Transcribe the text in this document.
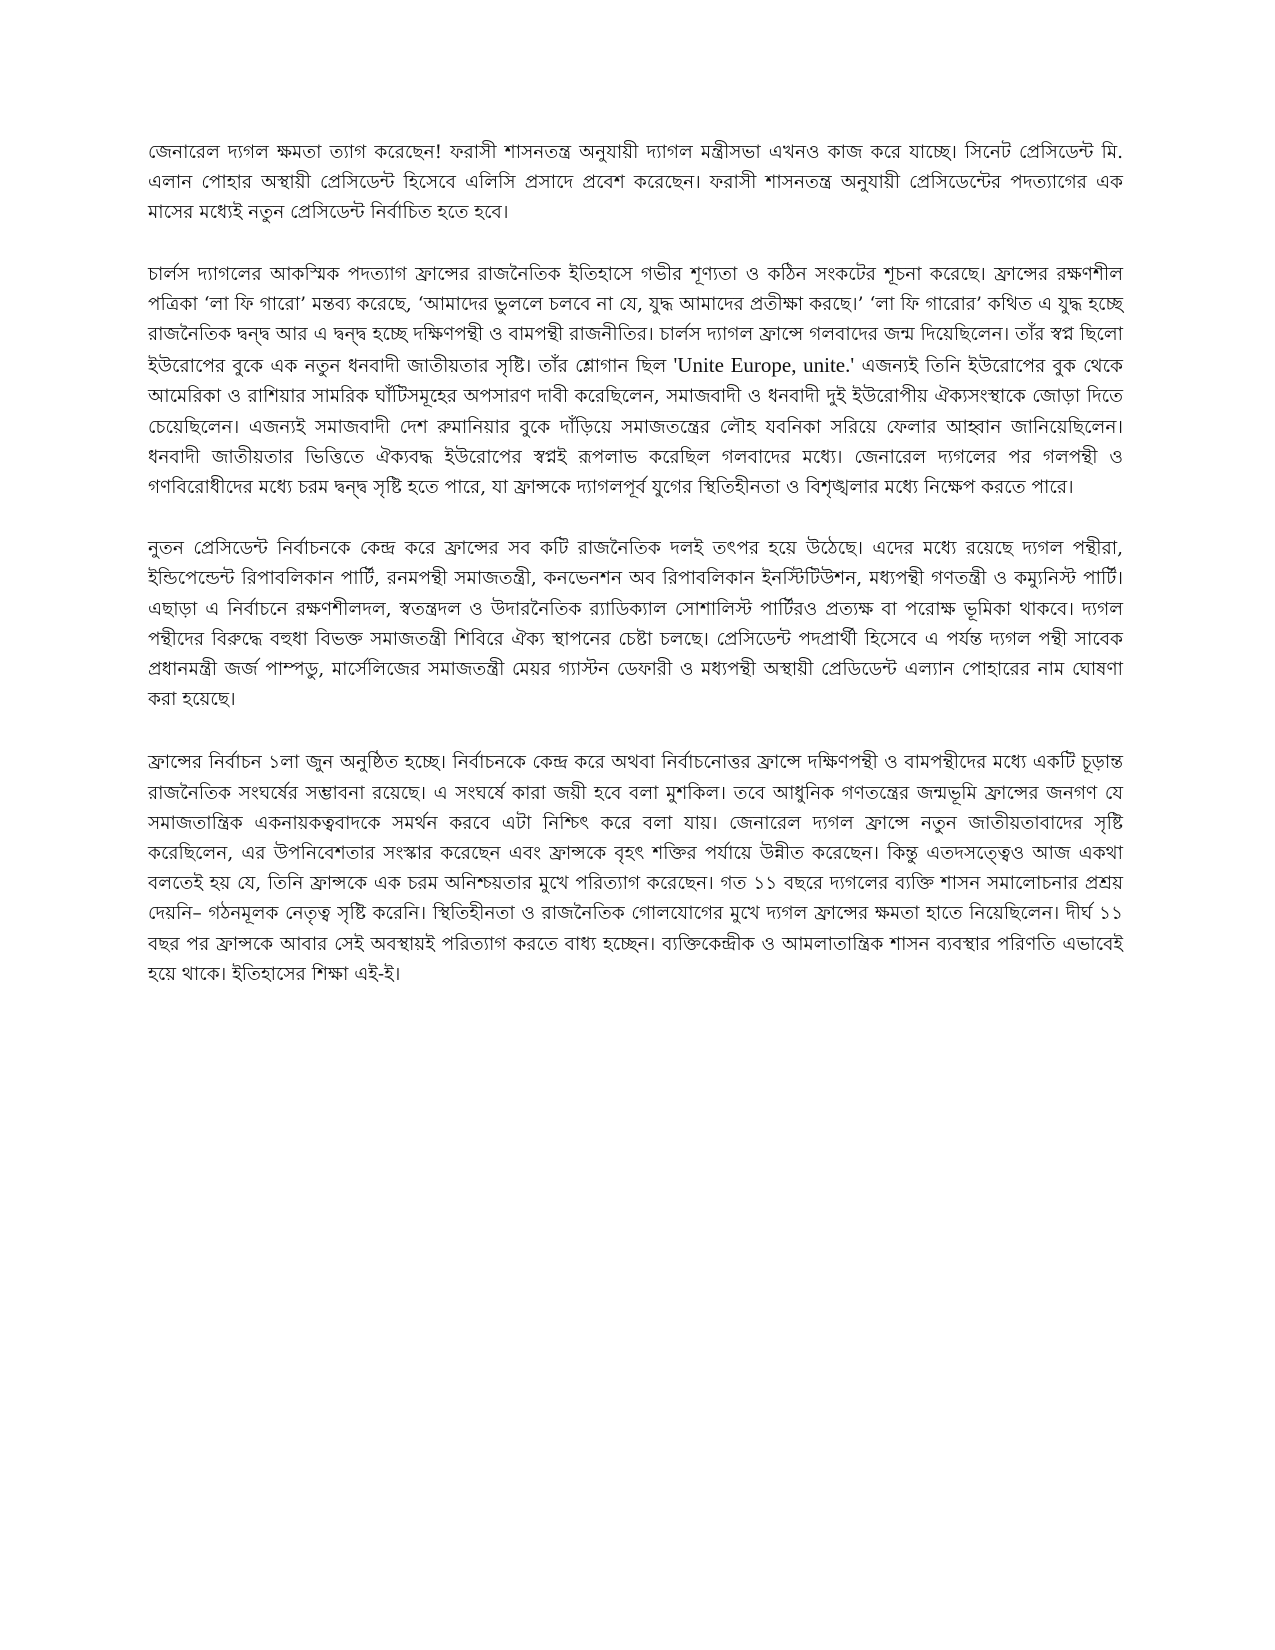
জেনারেল দ্যগল ক্ষমতা ত্যাগ করেছেন! ফরাসী শাসনতন্ত্র অনুযায়ী দ্যাগল মন্ত্রীসভা এখনও কাজ করে যাচ্ছে। সিনেট প্রেসিডেন্ট মি. এলান পোহার অস্থায়ী প্রেসিডেন্ট হিসেবে এলিসি প্রসাদে প্রবেশ করেছেন। ফরাসী শাসনতন্ত্র অনুযায়ী প্রেসিডেন্টের পদত্যাগের এক মাসের মধ্যেই নতুন প্রেসিডেন্ট নির্বাচিত হতে হবে।

চার্লস দ্যাগলের আকস্মিক পদত্যাগ ফ্রান্সের রাজনৈতিক ইতিহাসে গভীর শূণ্যতা ও কঠিন সংকটের শূচনা করেছে। ফ্রান্সের রক্ষণশীল পত্রিকা ‘লা ফি গারো’ মন্তব্য করেছে, ‘আমাদের ভুললে চলবে না যে, যুদ্ধ আমাদের প্রতীক্ষা করছে।’ ‘লা ফি গারোর’ কথিত এ যুদ্ধ হচ্ছে রাজনৈতিক দ্বন্দ্ব আর এ দ্বন্দ্ব হচ্ছে দক্ষিণপন্থী ও বামপন্থী রাজনীতির। চার্লস দ্যাগল ফ্রান্সে গলবাদের জন্ম দিয়েছিলেন। তাঁর স্বপ্ন ছিলো ইউরোপের বুকে এক নতুন ধনবাদী জাতীয়তার সৃষ্টি। তাঁর শ্লোগান ছিল 'Unite Europe, unite.' এজন্যই তিনি ইউরোপের বুক থেকে আমেরিকা ও রাশিয়ার সামরিক ঘাঁটিসমূহের অপসারণ দাবী করেছিলেন, সমাজবাদী ও ধনবাদী দুই ইউরোপীয় ঐক্যসংস্থাকে জোড়া দিতে চেয়েছিলেন। এজন্যই সমাজবাদী দেশ রুমানিয়ার বুকে দাঁড়িয়ে সমাজতন্ত্রের লৌহ যবনিকা সরিয়ে ফেলার আহ্বান জানিয়েছিলেন। ধনবাদী জাতীয়তার ভিত্তিতে ঐক্যবদ্ধ ইউরোপের স্বপ্নই রূপলাভ করেছিল গলবাদের মধ্যে। জেনারেল দ্যগলের পর গলপন্থী ও গণবিরোধীদের মধ্যে চরম দ্বন্দ্ব সৃষ্টি হতে পারে, যা ফ্রান্সকে দ্যাগলপূর্ব যুগের স্থিতিহীনতা ও বিশৃঙ্খলার মধ্যে নিক্ষেপ করতে পারে।

নুতন প্রেসিডেন্ট নির্বাচনকে কেন্দ্র করে ফ্রান্সের সব কটি রাজনৈতিক দলই তৎপর হয়ে উঠেছে। এদের মধ্যে রয়েছে দ্যগল পন্থীরা, ইন্ডিপেন্ডেন্ট রিপাবলিকান পার্টি, রনমপন্থী সমাজতন্ত্রী, কনভেনশন অব রিপাবলিকান ইনস্টিটিউশন, মধ্যপন্থী গণতন্ত্রী ও কম্যুনিস্ট পার্টি। এছাড়া এ নির্বাচনে রক্ষণশীলদল, স্বতন্ত্রদল ও উদারনৈতিক র‌্যাডিক্যাল সোশালিস্ট পার্টিরও প্রত্যক্ষ বা পরোক্ষ ভূমিকা থাকবে। দ্যগল পন্থীদের বিরুদ্ধে বহুধা বিভক্ত সমাজতন্ত্রী শিবিরে ঐক্য স্থাপনের চেষ্টা চলছে। প্রেসিডেন্ট পদপ্রার্থী হিসেবে এ পর্যন্ত দ্যগল পন্থী সাবেক প্রধানমন্ত্রী জর্জ পাম্পডু, মার্সেলিজের সমাজতন্ত্রী মেয়র গ্যাস্টন ডেফারী ও মধ্যপন্থী অস্থায়ী প্রেডিডেন্ট এল্যান পোহারের নাম ঘোষণা করা হয়েছে।

ফ্রান্সের নির্বাচন ১লা জুন অনুষ্ঠিত হচ্ছে। নির্বাচনকে কেন্দ্র করে অথবা নির্বাচনোত্তর ফ্রান্সে দক্ষিণপন্থী ও বামপন্থীদের মধ্যে একটি চূড়ান্ত রাজনৈতিক সংঘর্ষের সম্ভাবনা রয়েছে। এ সংঘর্ষে কারা জয়ী হবে বলা মুশকিল। তবে আধুনিক গণতন্ত্রের জন্মভূমি ফ্রান্সের জনগণ যে সমাজতান্ত্রিক একনায়কত্ববাদকে সমর্থন করবে এটা নিশ্চিৎ করে বলা যায়। জেনারেল দ্যগল ফ্রান্সে নতুন জাতীয়তাবাদের সৃষ্টি করেছিলেন, এর উপনিবেশতার সংস্কার করেছেন এবং ফ্রান্সকে বৃহৎ শক্তির পর্যায়ে উন্নীত করেছেন। কিন্তু এতদসত্ত্বেও আজ একথা বলতেই হয় যে, তিনি ফ্রান্সকে এক চরম অনিশ্চয়তার মুখে পরিত্যাগ করেছেন। গত ১১ বছরে দ্যগলের ব্যক্তি শাসন সমালোচনার প্রশ্রয় দেয়নি– গঠনমূলক নেতৃত্ব সৃষ্টি করেনি। স্থিতিহীনতা ও রাজনৈতিক গোলযোগের মুখে দ্যগল ফ্রান্সের ক্ষমতা হাতে নিয়েছিলেন। দীর্ঘ ১১ বছর পর ফ্রান্সকে আবার সেই অবস্থায়ই পরিত্যাগ করতে বাধ্য হচ্ছেন। ব্যক্তিকেন্দ্রীক ও আমলাতান্ত্রিক শাসন ব্যবস্থার পরিণতি এভাবেই হয়ে থাকে। ইতিহাসের শিক্ষা এই-ই।
